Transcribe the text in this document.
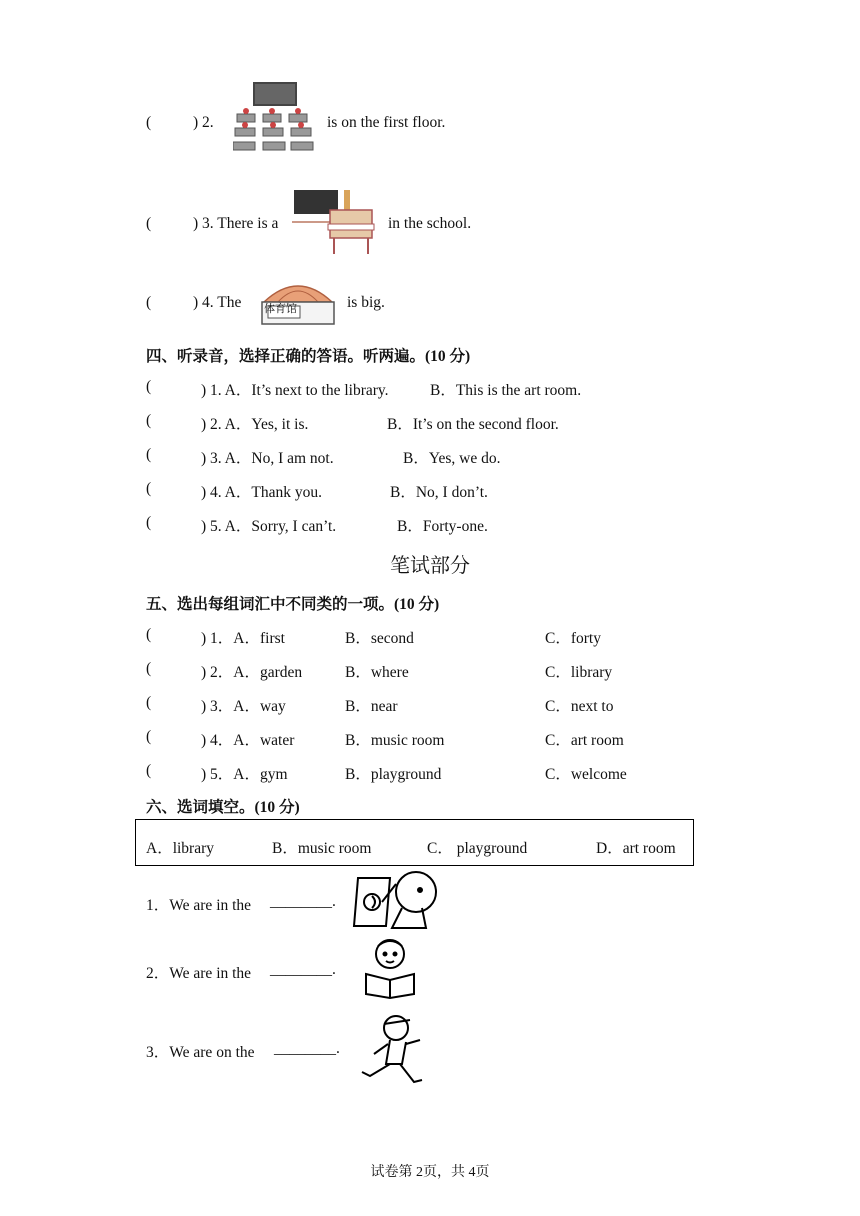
(	) 2.	is on the first floor.
(	) 3. There is a	in the school.
(	) 4. The 体育馆	is big.
四、听录音，选择正确的答语。听两遍。(10 分)
(	) 1. A．It’s next to the library.	B．This is the art room.
(	) 2. A．Yes, it is.	B．It’s on the second floor.
(	) 3. A．No, I am not.	B．Yes, we do.
(	) 4. A．Thank you.	B．No, I don’t.
(	) 5. A．Sorry, I can’t.	B．Forty-one.
笔试部分
五、选出每组词汇中不同类的一项。(10 分)
(	) 1．A．first	B．second	C．forty
(	) 2．A．garden	B．where	C．library
(	) 3．A．way	B．near	C．next to
(	) 4．A．water	B．music room	C．art room
(	) 5．A．gym	B．playground	C．welcome
六、选词填空。(10 分)
A．library	B．music room	C． playground	D．art room
1．We are in the ________.
2．We are in the ________.
3．We are on the ________.
试卷第 2页，共 4页
